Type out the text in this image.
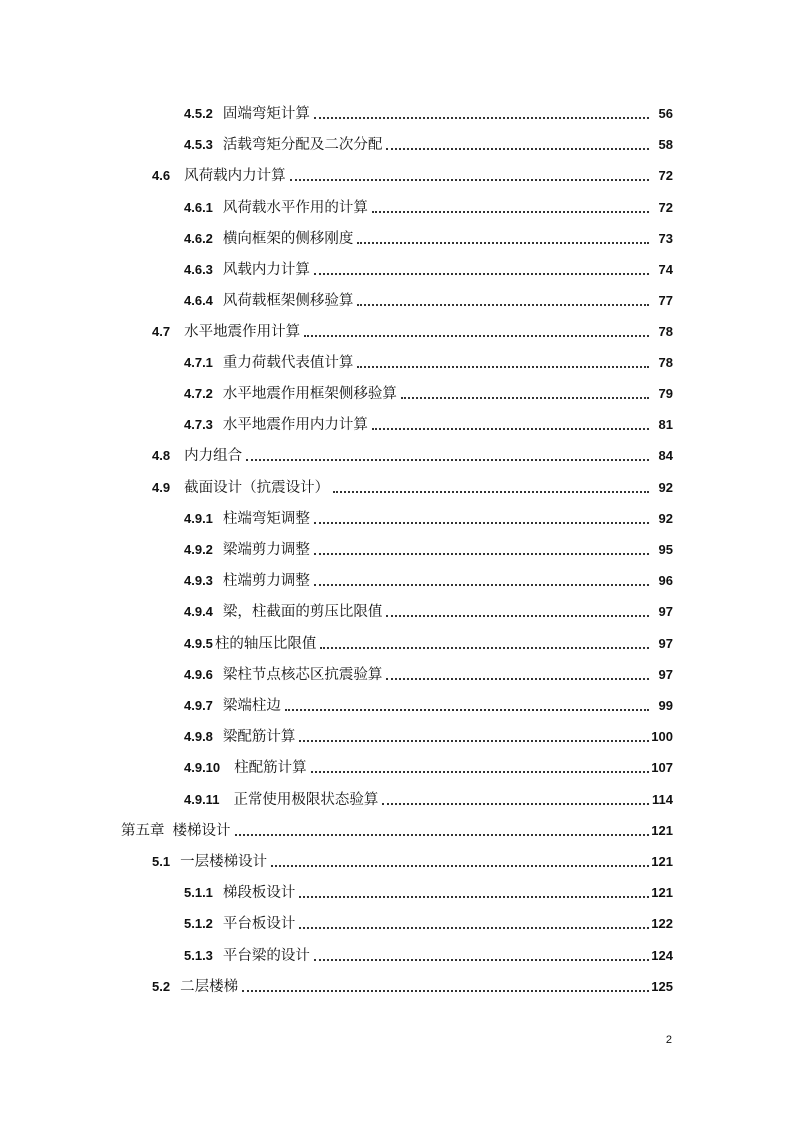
4.5.2 固端弯矩计算	56
4.5.3 活载弯矩分配及二次分配	58
4.6 风荷载内力计算	72
4.6.1 风荷载水平作用的计算	72
4.6.2 横向框架的侧移刚度	73
4.6.3 风载内力计算	74
4.6.4 风荷载框架侧移验算	77
4.7 水平地震作用计算	78
4.7.1 重力荷载代表值计算	78
4.7.2 水平地震作用框架侧移验算	79
4.7.3 水平地震作用内力计算	81
4.8 内力组合	84
4.9 截面设计（抗震设计）	92
4.9.1 柱端弯矩调整	92
4.9.2 梁端剪力调整	95
4.9.3 柱端剪力调整	96
4.9.4 梁，柱截面的剪压比限值	97
4.9.5 柱的轴压比限值	97
4.9.6 梁柱节点核芯区抗震验算	97
4.9.7 梁端柱边	99
4.9.8 梁配筋计算	100
4.9.10 柱配筋计算	107
4.9.11 正常使用极限状态验算	114
第五章 楼梯设计	121
5.1 一层楼梯设计	121
5.1.1 梯段板设计	121
5.1.2 平台板设计	122
5.1.3 平台梁的设计	124
5.2 二层楼梯	125
2
